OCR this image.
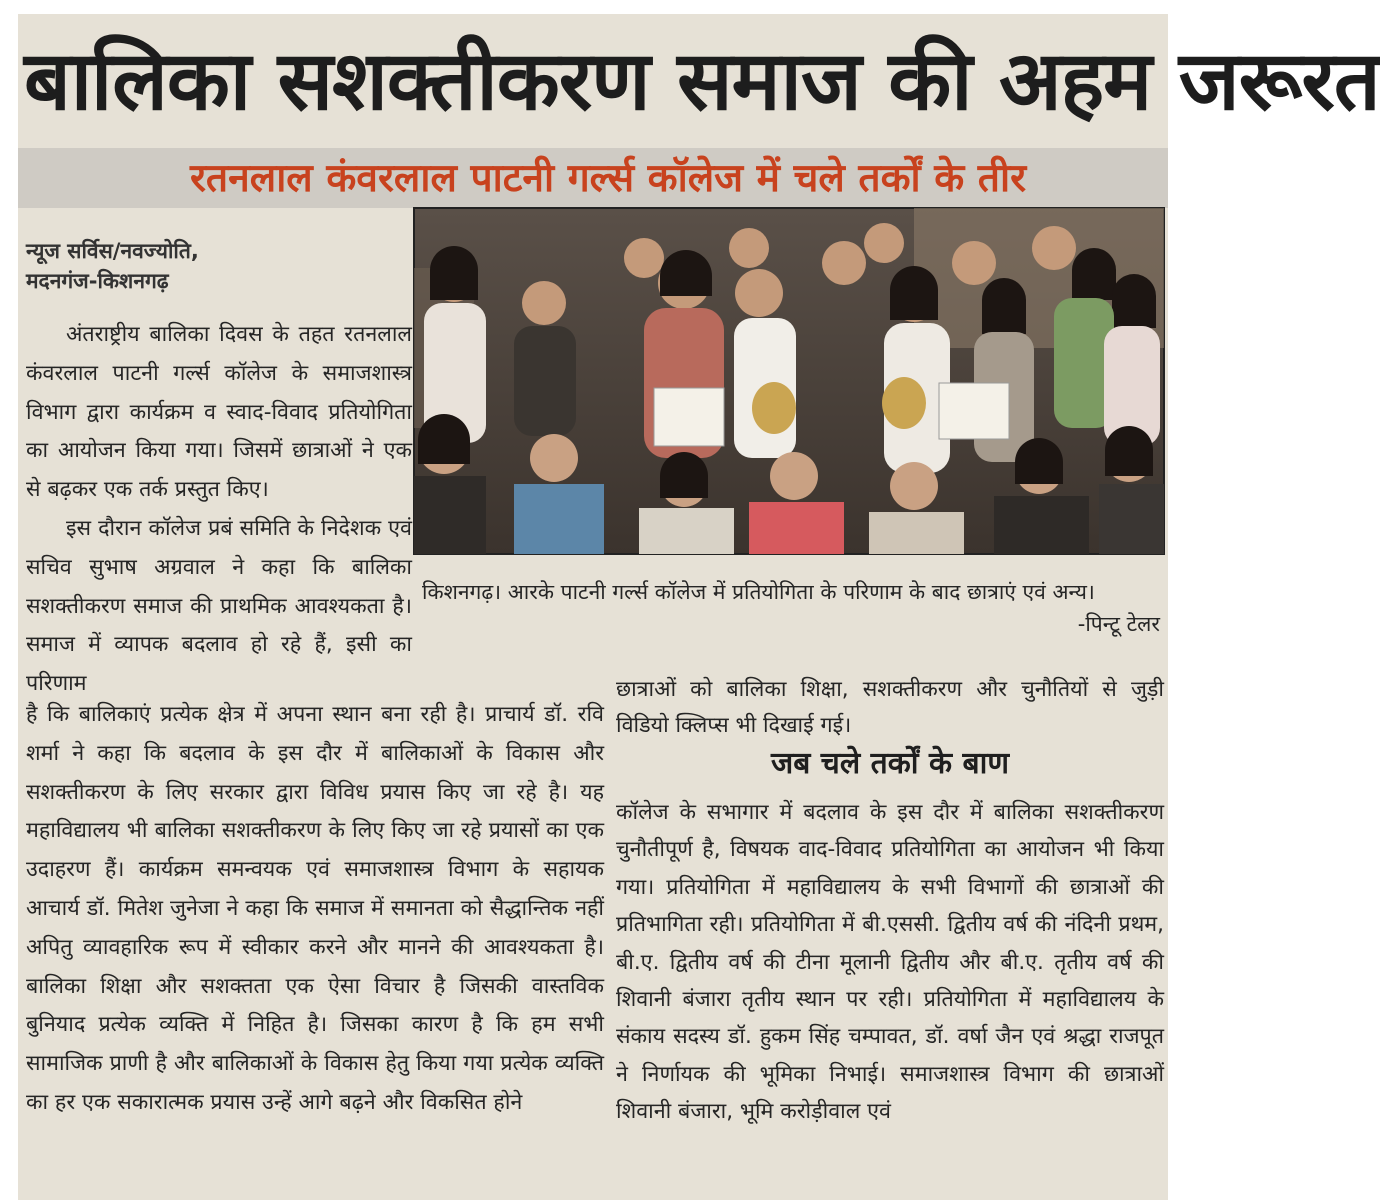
बालिका सशक्तीकरण समाज की अहम जरूरत
रतनलाल कंवरलाल पाटनी गर्ल्स कॉलेज में चले तर्कों के तीर
न्यूज सर्विस/नवज्योति,
मदनगंज-किशनगढ़

अंतराष्ट्रीय बालिका दिवस के तहत रतनलाल कंवरलाल पाटनी गर्ल्स कॉलेज के समाजशास्त्र विभाग द्वारा कार्यक्रम व स्वाद-विवाद प्रतियोगिता का आयोजन किया गया। जिसमें छात्राओं ने एक से बढ़कर एक तर्क प्रस्तुत किए।

इस दौरान कॉलेज प्रबं समिति के निदेशक एवं सचिव सुभाष अग्रवाल ने कहा कि बालिका सशक्तीकरण समाज की प्राथमिक आवश्यकता है। समाज में व्यापक बदलाव हो रहे हैं, इसी का परिणाम

है कि बालिकाएं प्रत्येक क्षेत्र में अपना स्थान बना रही है। प्राचार्य डॉ. रवि शर्मा ने कहा कि बदलाव के इस दौर में बालिकाओं के विकास और सशक्तीकरण के लिए सरकार द्वारा विविध प्रयास किए जा रहे है। यह महाविद्यालय भी बालिका सशक्तीकरण के लिए किए जा रहे प्रयासों का एक उदाहरण हैं। कार्यक्रम समन्वयक एवं समाजशास्त्र विभाग के सहायक आचार्य डॉ. मितेश जुनेजा ने कहा कि समाज में समानता को सैद्धान्तिक नहीं अपितु व्यावहारिक रूप में स्वीकार करने और मानने की आवश्यकता है। बालिका शिक्षा और सशक्तता एक ऐसा विचार है जिसकी वास्तविक बुनियाद प्रत्येक व्यक्ति में निहित है। जिसका कारण है कि हम सभी सामाजिक प्राणी है और बालिकाओं के विकास हेतु किया गया प्रत्येक व्यक्ति का हर एक सकारात्मक प्रयास उन्हें आगे बढ़ने और विकसित होने

किशनगढ़। आरके पाटनी गर्ल्स कॉलेज में प्रतियोगिता के परिणाम के बाद छात्राएं एवं अन्य।
-पिन्टू टेलर

छात्राओं को बालिका शिक्षा, सशक्तीकरण और चुनौतियों से जुड़ी विडियो क्लिप्स भी दिखाई गई।

जब चले तर्कों के बाण

कॉलेज के सभागार में बदलाव के इस दौर में बालिका सशक्तीकरण चुनौतीपूर्ण है, विषयक वाद-विवाद प्रतियोगिता का आयोजन भी किया गया। प्रतियोगिता में महाविद्यालय के सभी विभागों की छात्राओं की प्रतिभागिता रही। प्रतियोगिता में बी.एससी. द्वितीय वर्ष की नंदिनी प्रथम, बी.ए. द्वितीय वर्ष की टीना मूलानी द्वितीय और बी.ए. तृतीय वर्ष की शिवानी बंजारा तृतीय स्थान पर रही। प्रतियोगिता में महाविद्यालय के संकाय सदस्य डॉ. हुकम सिंह चम्पावत, डॉ. वर्षा जैन एवं श्रद्धा राजपूत ने निर्णायक की भूमिका निभाई। समाजशास्त्र विभाग की छात्राओं शिवानी बंजारा, भूमि करोड़ीवाल एवं
